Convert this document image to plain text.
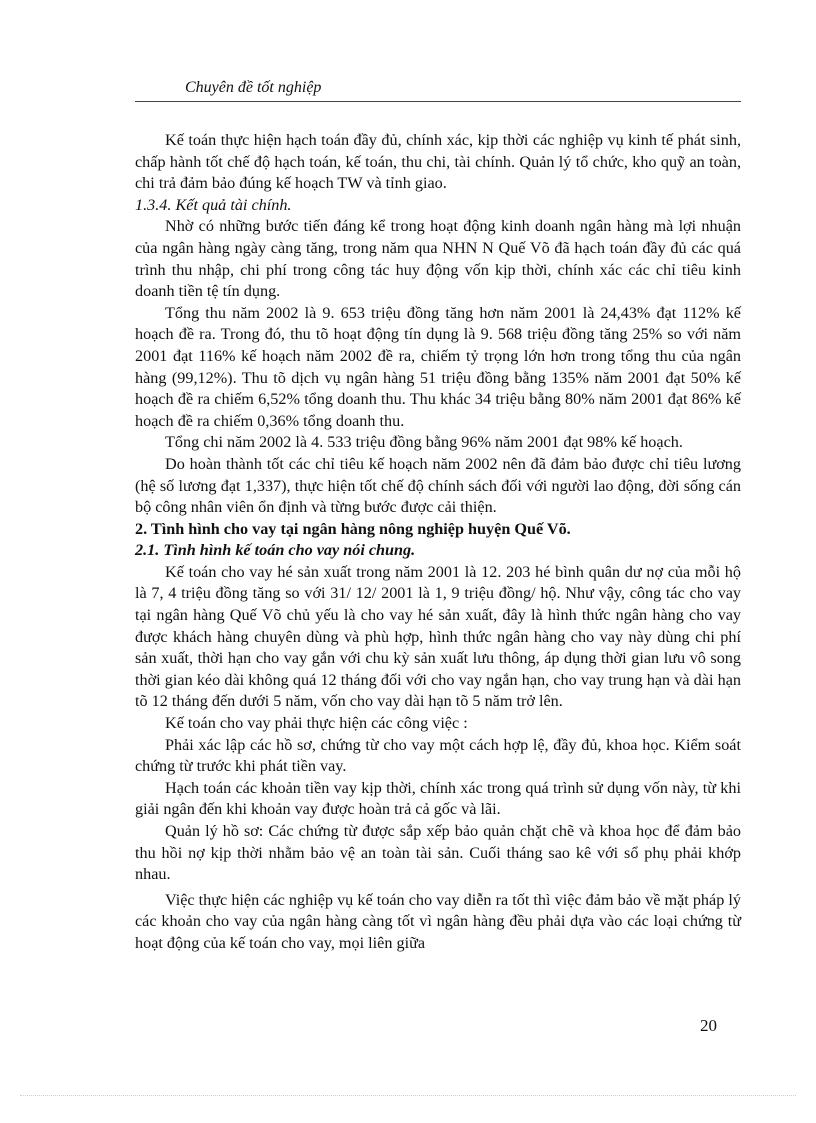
Chuyên đề tốt nghiệp

Kế toán thực hiện hạch toán đầy đủ, chính xác, kịp thời các nghiệp vụ kinh tế phát sinh, chấp hành tốt chế độ hạch toán, kế toán, thu chi, tài chính. Quản lý tổ chức, kho quỹ an toàn, chi trả đảm bảo đúng kế hoạch TW và tỉnh giao.

1.3.4. Kết quả tài chính.

Nhờ có những bước tiến đáng kể trong hoạt động kinh doanh ngân hàng mà lợi nhuận của ngân hàng ngày càng tăng, trong năm qua NHN N Quế Võ đã hạch toán đầy đủ các quá trình thu nhập, chi phí trong công tác huy động vốn kịp thời, chính xác các chỉ tiêu kinh doanh tiền tệ tín dụng.

Tổng thu năm 2002 là 9. 653 triệu đồng tăng hơn năm 2001 là 24,43% đạt 112% kế hoạch đề ra. Trong đó, thu tõ hoạt động tín dụng là 9. 568 triệu đồng tăng 25% so với năm 2001 đạt 116% kế hoạch năm 2002 đề ra, chiếm tỷ trọng lớn hơn trong tổng thu của ngân hàng (99,12%). Thu tõ dịch vụ ngân hàng 51 triệu đồng bằng 135% năm 2001 đạt 50% kế hoạch đề ra chiếm 6,52% tổng doanh thu. Thu khác 34 triệu bằng 80% năm 2001 đạt 86% kế hoạch đề ra chiếm 0,36% tổng doanh thu.

Tổng chi năm 2002 là 4. 533 triệu đồng bằng 96% năm 2001 đạt 98% kế hoạch.

Do hoàn thành tốt các chỉ tiêu kế hoạch năm 2002 nên đã đảm bảo được chỉ tiêu lương (hệ số lương đạt 1,337), thực hiện tốt chế độ chính sách đối với người lao động, đời sống cán bộ công nhân viên ổn định và từng bước được cải thiện.

2. Tình hình cho vay tại ngân hàng nông nghiệp huyện Quế Võ.

2.1. Tình hình kế toán cho vay nói chung.

Kế toán cho vay hé sản xuất trong năm 2001 là 12. 203 hé bình quân dư nợ của mỗi hộ là 7, 4 triệu đồng tăng so với 31/ 12/ 2001 là 1, 9 triệu đồng/ hộ. Như vậy, công tác cho vay tại ngân hàng Quế Võ chủ yếu là cho vay hé sản xuất, đây là hình thức ngân hàng cho vay được khách hàng chuyên dùng và phù hợp, hình thức ngân hàng cho vay này dùng chi phí sản xuất, thời hạn cho vay gắn với chu kỳ sản xuất lưu thông, áp dụng thời gian lưu vô song thời gian kéo dài không quá 12 tháng đối với cho vay ngắn hạn, cho vay trung hạn và dài hạn tõ 12 tháng đến dưới 5 năm, vốn cho vay dài hạn tõ 5 năm trở lên.

Kế toán cho vay phải thực hiện các công việc :

Phải xác lập các hồ sơ, chứng từ cho vay một cách hợp lệ, đầy đủ, khoa học. Kiểm soát chứng từ trước khi phát tiền vay.

Hạch toán các khoản tiền vay kịp thời, chính xác trong quá trình sử dụng vốn này, từ khi giải ngân đến khi khoản vay được hoàn trả cả gốc và lãi.

Quản lý hồ sơ: Các chứng từ được sắp xếp bảo quản chặt chẽ và khoa học để đảm bảo thu hồi nợ kịp thời nhằm bảo vệ an toàn tài sản. Cuối tháng sao kê với sổ phụ phải khớp nhau.

Việc thực hiện các nghiệp vụ kế toán cho vay diễn ra tốt thì việc đảm bảo về mặt pháp lý các khoản cho vay của ngân hàng càng tốt vì ngân hàng đều phải dựa vào các loại chứng từ hoạt động của kế toán cho vay, mọi liên giữa

20
